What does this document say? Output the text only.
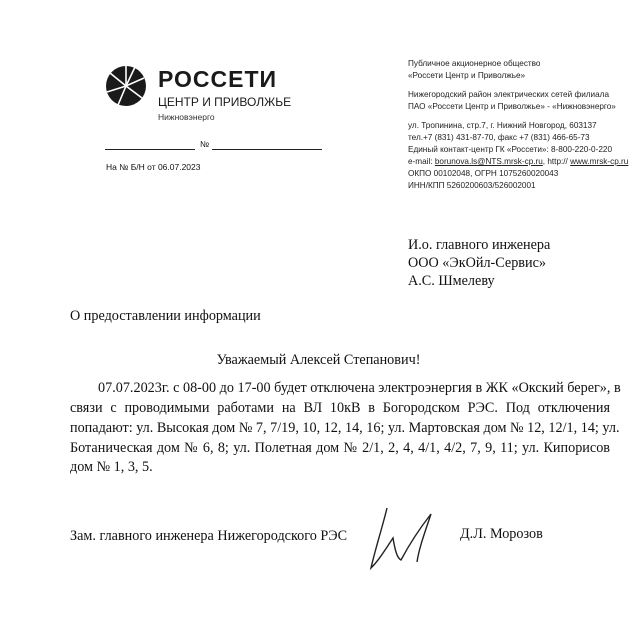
РОССЕТИ
ЦЕНТР И ПРИВОЛЖЬЕ
Нижновэнерго
№
На № Б/Н от 06.07.2023
Публичное акционерное общество
«Россети Центр и Приволжье»
Нижегородский район электрических сетей филиала
ПАО «Россети Центр и Приволжье» - «Нижновэнерго»
ул. Тропинина, стр.7, г. Нижний Новгород, 603137
тел.+7 (831) 431-87-70, факс +7 (831) 466-65-73
Единый контакт-центр ГК «Россети»: 8-800-220-0-220
e-mail: borunova.ls@NTS.mrsk-cp.ru, http:// www.mrsk-cp.ru
ОКПО 00102048, ОГРН 1075260020043
ИНН/КПП 5260200603/526002001
И.о. главного инженера
ООО «ЭкОйл-Сервис»
А.С. Шмелеву
О предоставлении информации
Уважаемый Алексей Степанович!
07.07.2023г. с 08-00 до 17-00 будет отключена электроэнергия в ЖК «Окский берег», в
связи с проводимыми работами на ВЛ 10кВ в Богородском РЭС. Под отключения
попадают: ул. Высокая дом № 7, 7/19, 10, 12, 14, 16; ул. Мартовская дом № 12, 12/1, 14; ул.
Ботаническая дом № 6, 8; ул. Полетная дом № 2/1, 2, 4, 4/1, 4/2, 7, 9, 11; ул. Кипорисов
дом № 1, 3, 5.
Зам. главного инженера Нижегородского РЭС	Д.Л. Морозов
